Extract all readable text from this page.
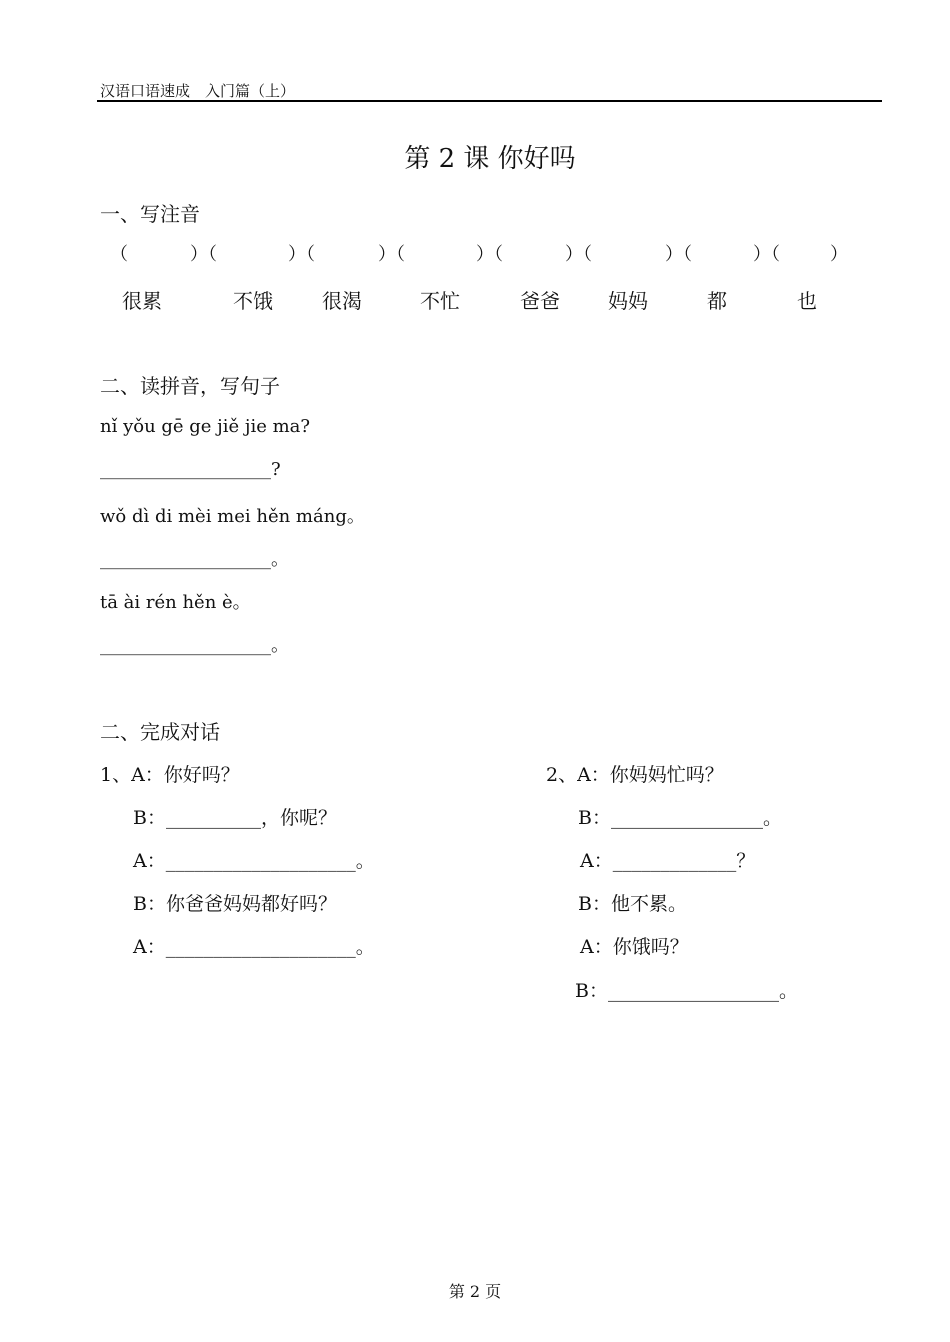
汉语口语速成　入门篇（上）
第 2 课 你好吗
一、写注音
（	）（	）（	）（	）（	）（	）（	）（	）
很累	不饿 很渴	不忙	爸爸 妈妈	都	也
二、读拼音，写句子
nǐ yǒu gē ge jiě jie ma?
___________________?
wǒ dì di mèi mei hěn máng。
___________________。
tā ài rén hěn è。
___________________。
二、完成对话
1、A：你好吗？
B：__________，你呢？
A：____________________。
B：你爸爸妈妈都好吗？
A：____________________。
2、A：你妈妈忙吗？
B：________________。
A：_____________？
B：他不累。
A：你饿吗？
B：__________________。
第 2 页
